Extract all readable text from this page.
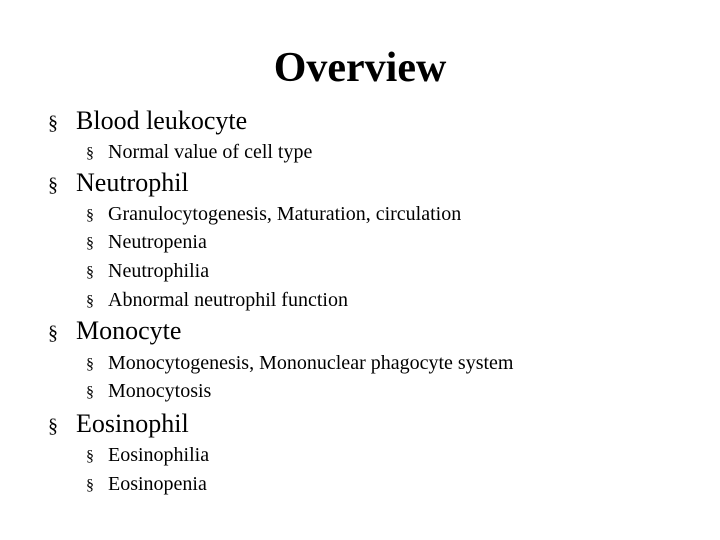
Overview
§ Blood leukocyte
§ Normal value of cell type
§ Neutrophil
§ Granulocytogenesis, Maturation, circulation
§ Neutropenia
§ Neutrophilia
§ Abnormal neutrophil function
§ Monocyte
§ Monocytogenesis, Mononuclear phagocyte system
§ Monocytosis
§ Eosinophil
§ Eosinophilia
§ Eosinopenia
